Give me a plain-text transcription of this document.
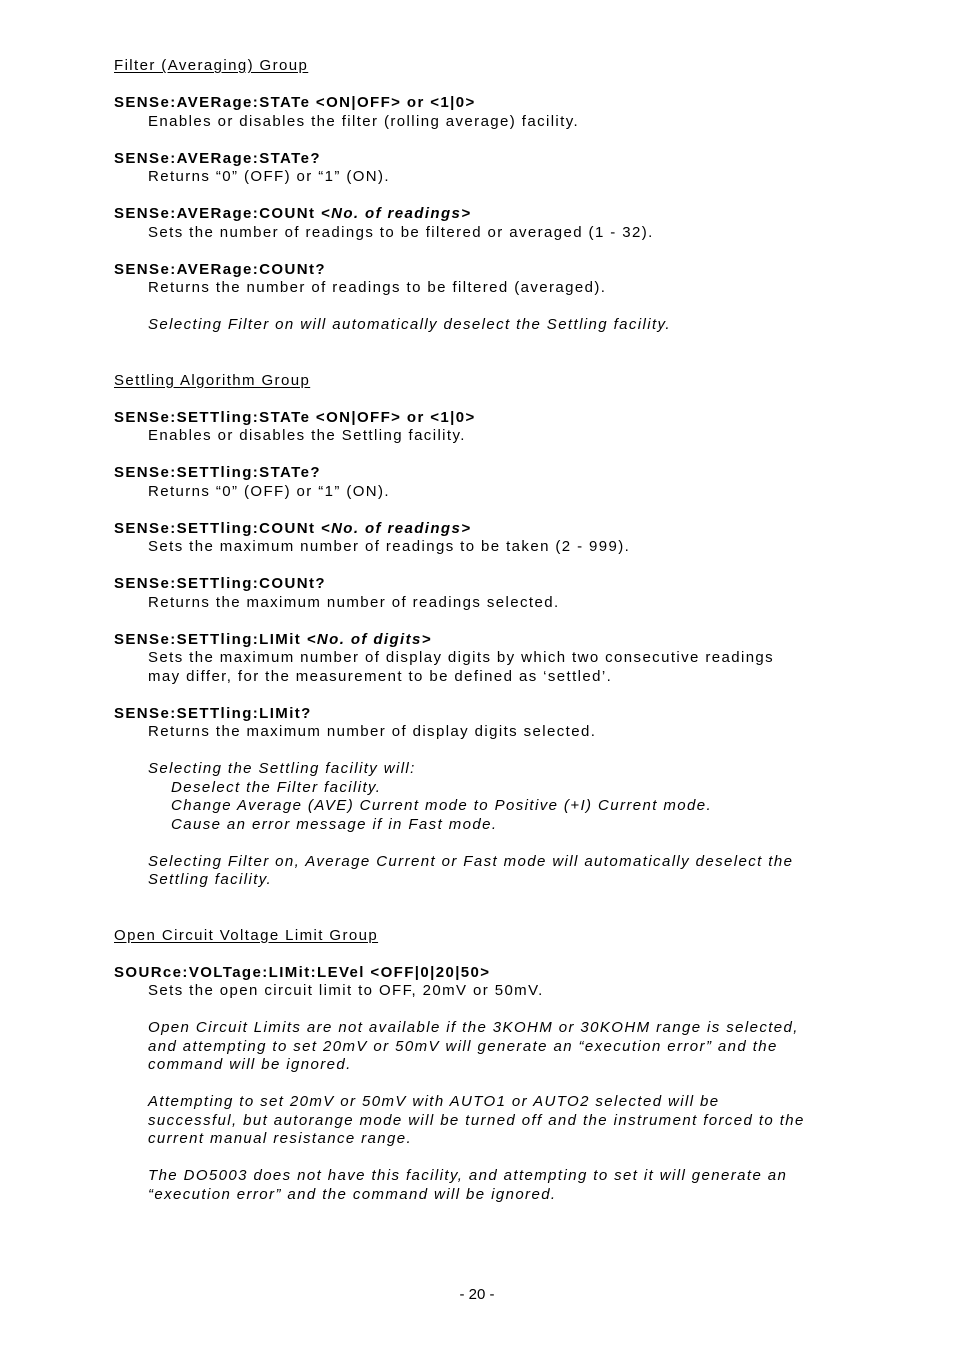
Filter (Averaging) Group
SENSe:AVERage:STATe <ON|OFF> or <1|0>
Enables or disables the filter (rolling average) facility.
SENSe:AVERage:STATe?
Returns “0” (OFF) or “1” (ON).
SENSe:AVERage:COUNt <No. of readings>
Sets the number of readings to be filtered or averaged (1 - 32).
SENSe:AVERage:COUNt?
Returns the number of readings to be filtered (averaged).
Selecting Filter on will automatically deselect the Settling facility.
Settling Algorithm Group
SENSe:SETTling:STATe <ON|OFF> or <1|0>
Enables or disables the Settling facility.
SENSe:SETTling:STATe?
Returns “0” (OFF) or “1” (ON).
SENSe:SETTling:COUNt <No. of readings>
Sets the maximum number of readings to be taken (2 - 999).
SENSe:SETTling:COUNt?
Returns the maximum number of readings selected.
SENSe:SETTling:LIMit <No. of digits>
Sets the maximum number of display digits by which two consecutive readings
may differ, for the measurement to be defined as ‘settled’.
SENSe:SETTling:LIMit?
Returns the maximum number of display digits selected.
Selecting the Settling facility will:
Deselect the Filter facility.
Change Average (AVE) Current mode to Positive (+I) Current mode.
Cause an error message if in Fast mode.
Selecting Filter on, Average Current or Fast mode will automatically deselect the
Settling facility.
Open Circuit Voltage Limit Group
SOURce:VOLTage:LIMit:LEVel <OFF|0|20|50>
Sets the open circuit limit to OFF, 20mV or 50mV.
Open Circuit Limits are not available if the 3KOHM or 30KOHM range is selected,
and attempting to set 20mV or 50mV will generate an “execution error” and the
command will be ignored.
Attempting to set 20mV or 50mV with AUTO1 or AUTO2 selected will be
successful, but autorange mode will be turned off and the instrument forced to the
current manual resistance range.
The DO5003 does not have this facility, and attempting to set it will generate an
“execution error” and the command will be ignored.
- 20 -
